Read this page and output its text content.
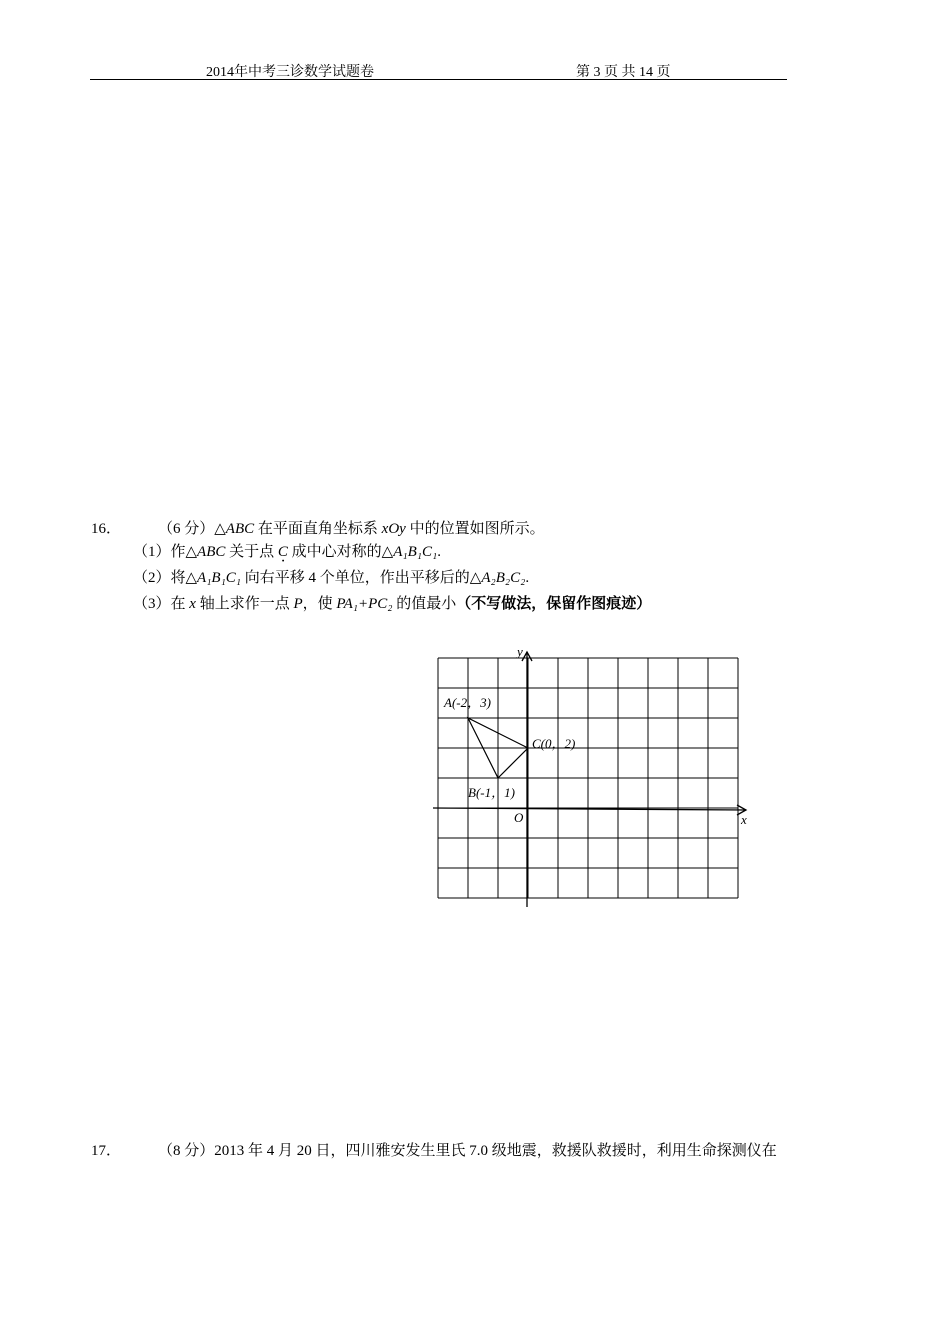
2014年中考三诊数学试题卷	第 3 页 共 14 页
16． （6 分）△ABC 在平面直角坐标系 xOy 中的位置如图所示。
（1）作△ABC 关于点 C · 成中心对称的△A₁B₁C₁.
（2）将△A₁B₁C₁ 向右平移 4 个单位，作出平移后的△A₂B₂C₂.
（3）在 x 轴上求作一点 P，使 PA₁+PC₂ 的值最小（不写做法，保留作图痕迹）
y
x
O
A(-2，3)
B(-1，1)
C(0，2)
17． （8 分）2013 年 4 月 20 日，四川雅安发生里氏 7.0 级地震，救援队救援时，利用生命探测仪在
